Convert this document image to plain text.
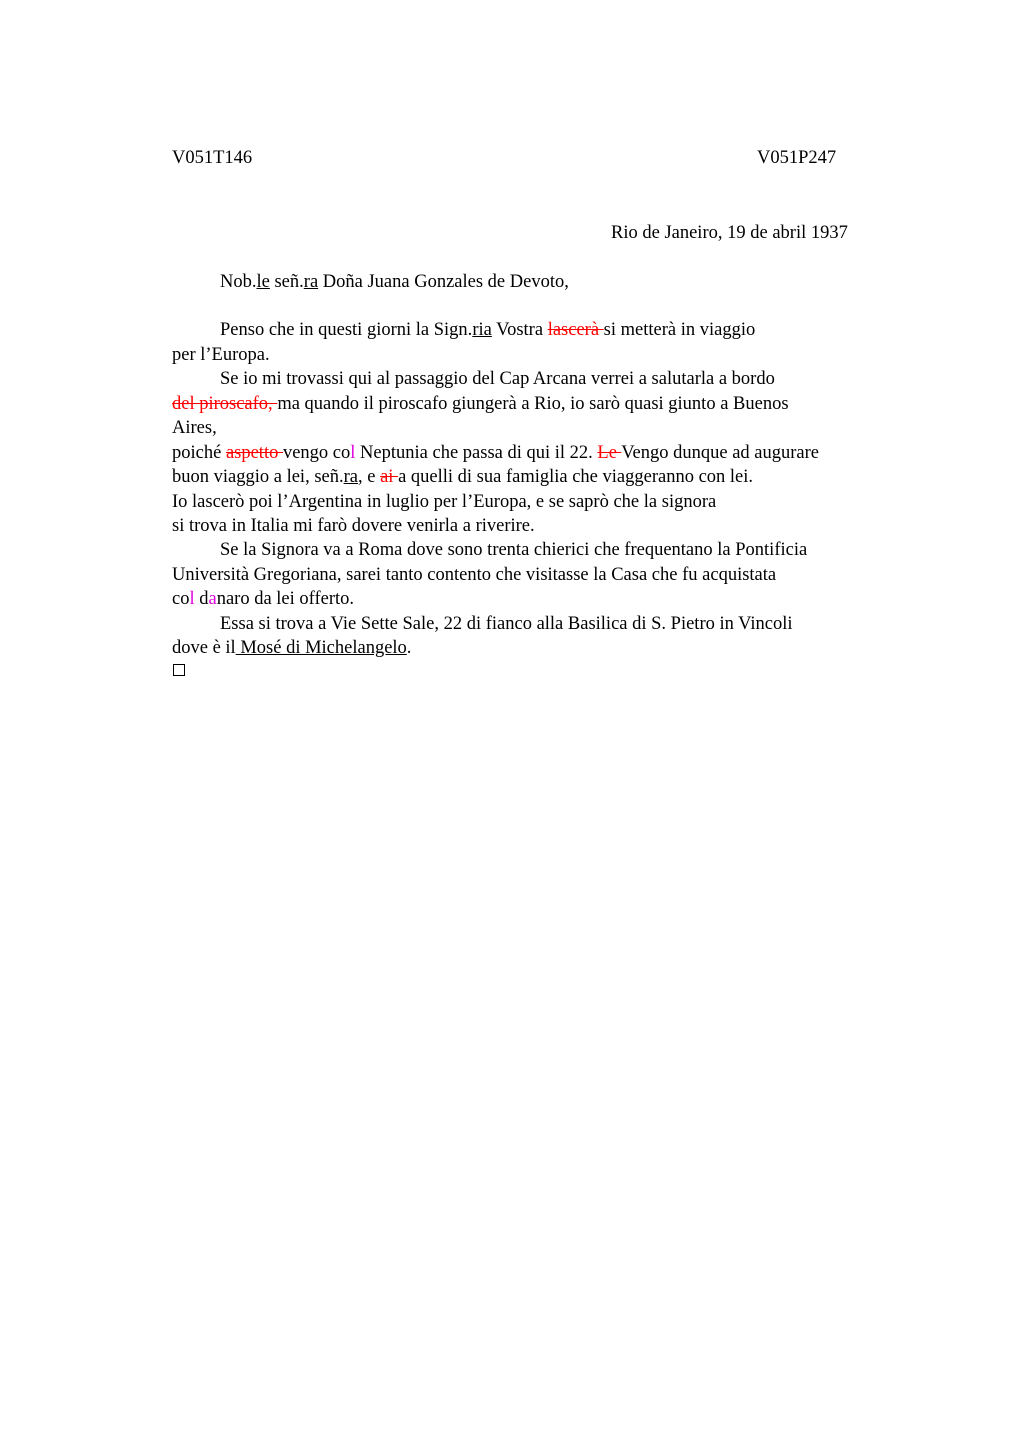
V051T146	V051P247
Rio de Janeiro, 19 de abril 1937
Nob.le señ.ra Doña Juana Gonzales de Devoto,
Penso che in questi giorni la Sign.ria Vostra lascerà si metterà in viaggio
per l’Europa.
Se io mi trovassi qui al passaggio del Cap Arcana verrei a salutarla a bordo
del piroscafo, ma quando il piroscafo giungerà a Rio, io sarò quasi giunto a Buenos
Aires,
poiché aspetto vengo col Neptunia che passa di qui il 22. Le Vengo dunque ad augurare
buon viaggio a lei, señ.ra, e ai a quelli di sua famiglia che viaggeranno con lei.
Io lascerò poi l’Argentina in luglio per l’Europa, e se saprò che la signora
si trova in Italia mi farò dovere venirla a riverire.
Se la Signora va a Roma dove sono trenta chierici che frequentano la Pontificia
Università Gregoriana, sarei tanto contento che visitasse la Casa che fu acquistata
col danaro da lei offerto.
Essa si trova a Vie Sette Sale, 22 di fianco alla Basilica di S. Pietro in Vincoli
dove è il Mosé di Michelangelo.
